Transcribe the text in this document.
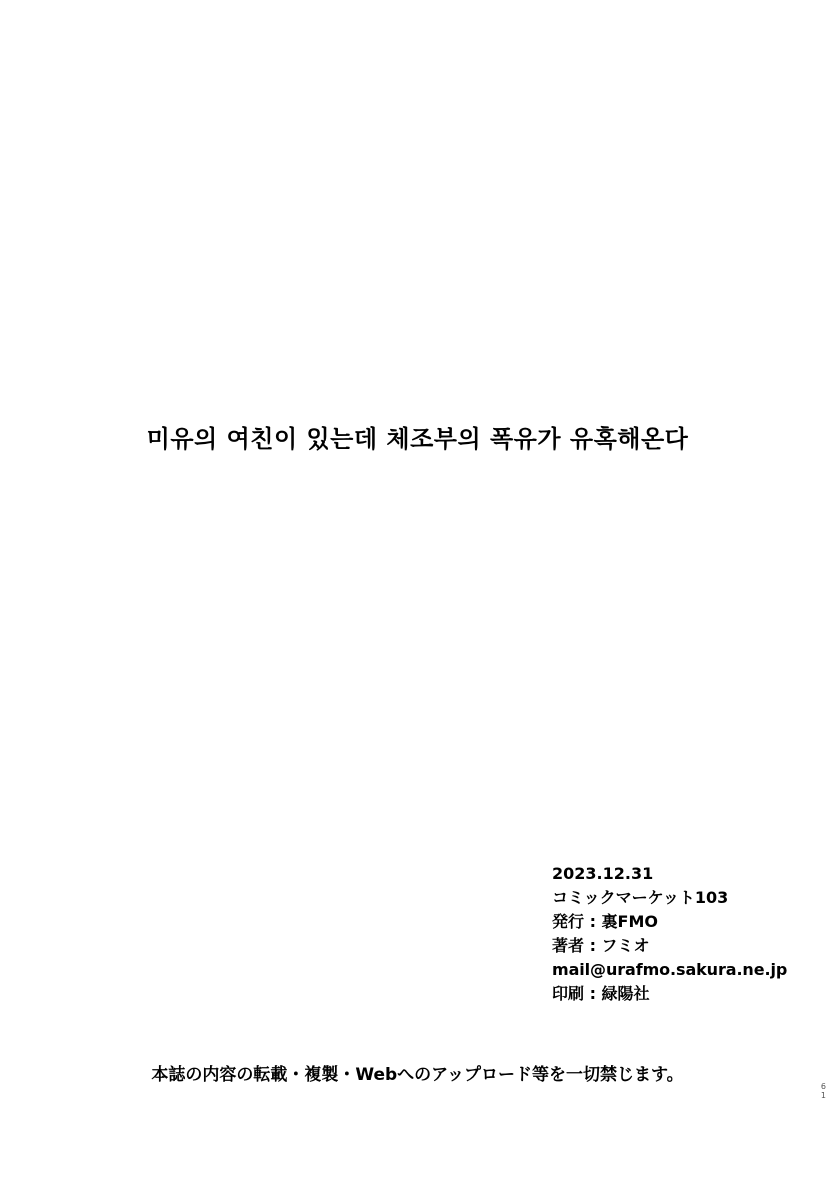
미유의 여친이 있는데 체조부의 폭유가 유혹해온다
2023.12.31
コミックマーケット103
発行 : 裏FMO
著者 : フミオ
mail@urafmo.sakura.ne.jp
印刷 : 緑陽社
本誌の内容の転載・複製・Webへのアップロード等を一切禁じます。
6
1
